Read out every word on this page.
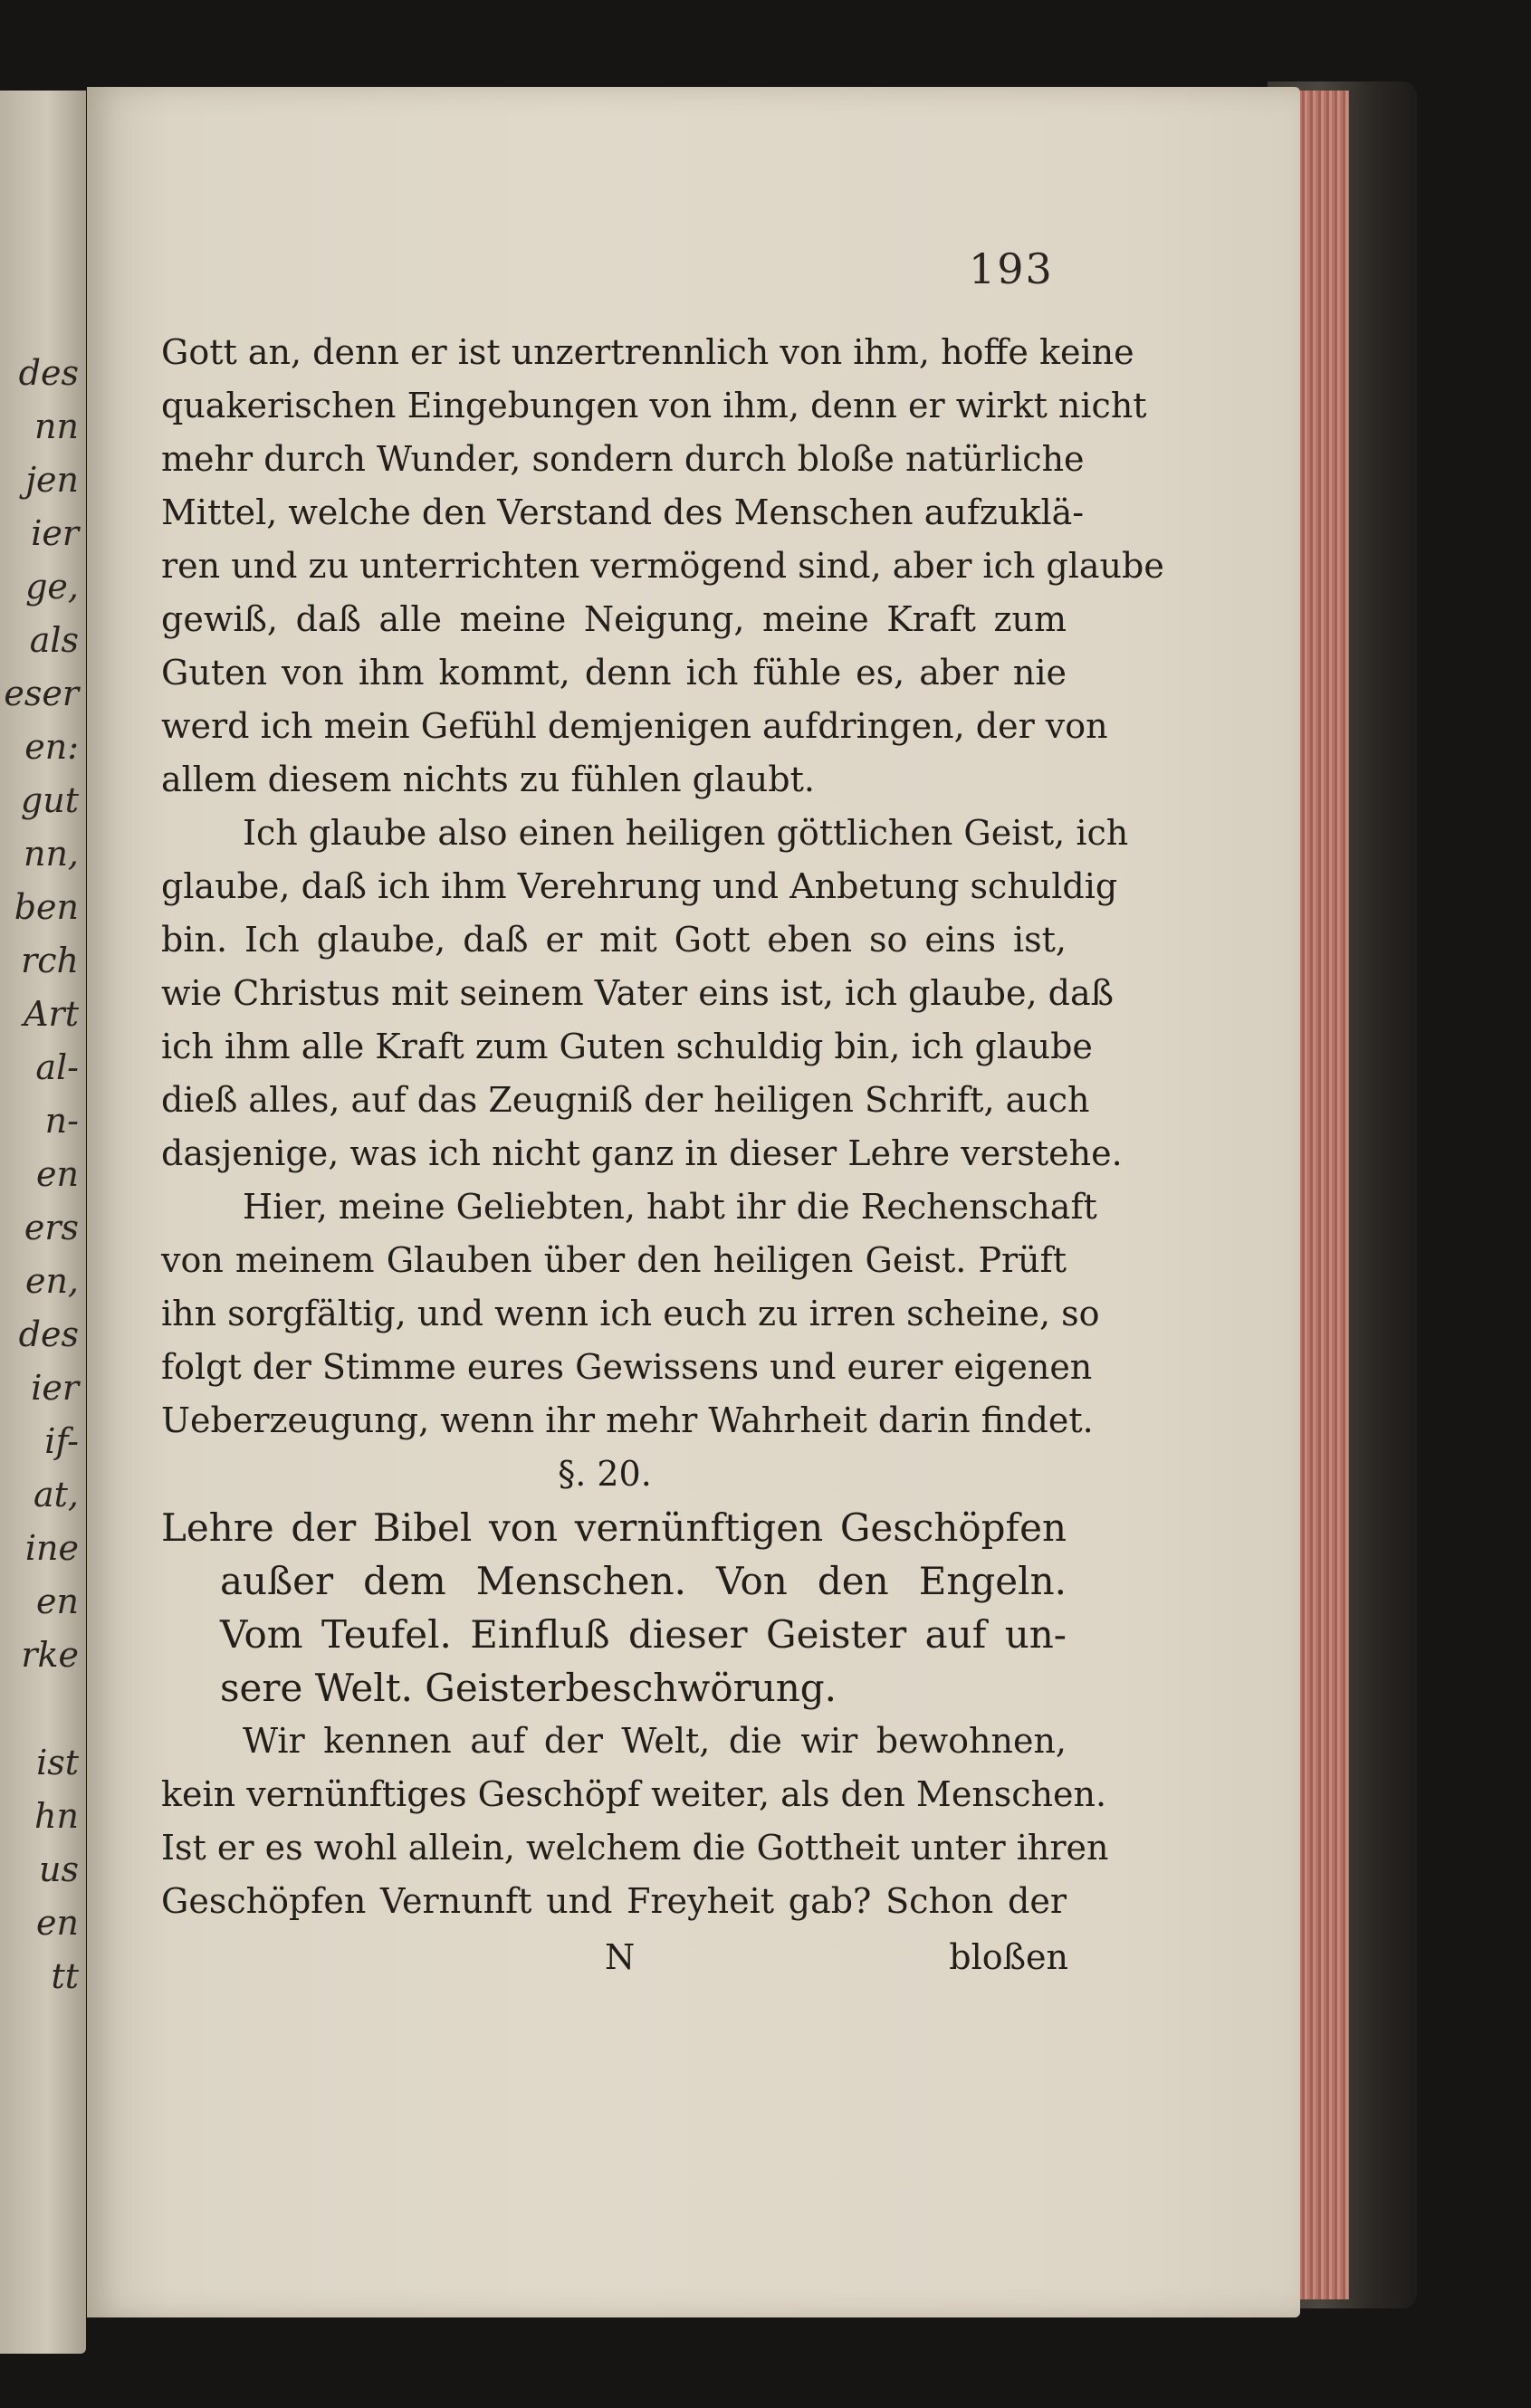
des
nn
jen
ier
ge,
als
eser
en:
gut
nn,
ben
rch
Art
al-
n-
en
ers
en,
des
ier
if-
at,
ine
en
rke
ist
hn
us
en
tt
193
Gott an, denn er ist unzertrennlich von ihm, hoffe keine
quakerischen Eingebungen von ihm, denn er wirkt nicht
mehr durch Wunder, sondern durch bloße natürliche
Mittel, welche den Verstand des Menschen aufzuklä-
ren und zu unterrichten vermögend sind, aber ich glaube
gewiß, daß alle meine Neigung, meine Kraft zum
Guten von ihm kommt, denn ich fühle es, aber nie
werd ich mein Gefühl demjenigen aufdringen, der von
allem diesem nichts zu fühlen glaubt.
Ich glaube also einen heiligen göttlichen Geist, ich
glaube, daß ich ihm Verehrung und Anbetung schuldig
bin. Ich glaube, daß er mit Gott eben so eins ist,
wie Christus mit seinem Vater eins ist, ich glaube, daß
ich ihm alle Kraft zum Guten schuldig bin, ich glaube
dieß alles, auf das Zeugniß der heiligen Schrift, auch
dasjenige, was ich nicht ganz in dieser Lehre verstehe.
Hier, meine Geliebten, habt ihr die Rechenschaft
von meinem Glauben über den heiligen Geist. Prüft
ihn sorgfältig, und wenn ich euch zu irren scheine, so
folgt der Stimme eures Gewissens und eurer eigenen
Ueberzeugung, wenn ihr mehr Wahrheit darin findet.
§. 20.
Lehre der Bibel von vernünftigen Geschöpfen
außer dem Menschen. Von den Engeln.
Vom Teufel. Einfluß dieser Geister auf un-
sere Welt. Geisterbeschwörung.
Wir kennen auf der Welt, die wir bewohnen,
kein vernünftiges Geschöpf weiter, als den Menschen.
Ist er es wohl allein, welchem die Gottheit unter ihren
Geschöpfen Vernunft und Freyheit gab? Schon der
N	bloßen
